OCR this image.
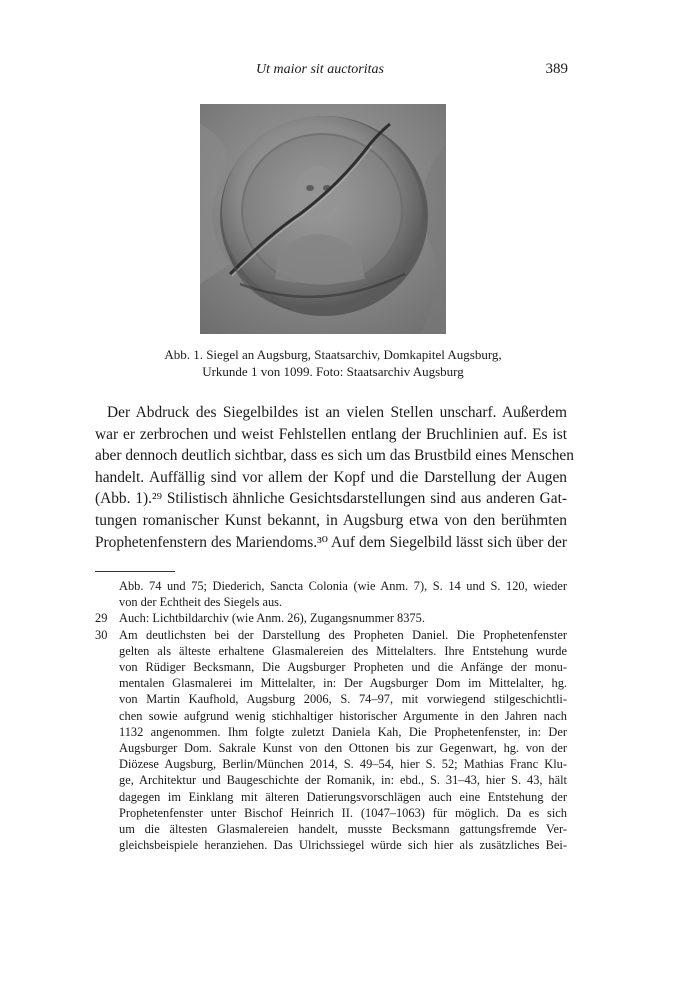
Ut maior sit auctoritas	389
Abb. 1. Siegel an Augsburg, Staatsarchiv, Domkapitel Augsburg,
Urkunde 1 von 1099. Foto: Staatsarchiv Augsburg
Der Abdruck des Siegelbildes ist an vielen Stellen unscharf. Außerdem
war er zerbrochen und weist Fehlstellen entlang der Bruchlinien auf. Es ist
aber dennoch deutlich sichtbar, dass es sich um das Brustbild eines Menschen
handelt. Auffällig sind vor allem der Kopf und die Darstellung der Augen
(Abb. 1).²⁹ Stilistisch ähnliche Gesichtsdarstellungen sind aus anderen Gat-
tungen romanischer Kunst bekannt, in Augsburg etwa von den berühmten
Prophetenfenstern des Mariendoms.³⁰ Auf dem Siegelbild lässt sich über der
Abb. 74 und 75; Diederich, Sancta Colonia (wie Anm. 7), S. 14 und S. 120, wieder
von der Echtheit des Siegels aus.
29 Auch: Lichtbildarchiv (wie Anm. 26), Zugangsnummer 8375.
30 Am deutlichsten bei der Darstellung des Propheten Daniel. Die Prophetenfenster
gelten als älteste erhaltene Glasmalereien des Mittelalters. Ihre Entstehung wurde
von Rüdiger Becksmann, Die Augsburger Propheten und die Anfänge der monu-
mentalen Glasmalerei im Mittelalter, in: Der Augsburger Dom im Mittelalter, hg.
von Martin Kaufhold, Augsburg 2006, S. 74–97, mit vorwiegend stilgeschichtli-
chen sowie aufgrund wenig stichhaltiger historischer Argumente in den Jahren nach
1132 angenommen. Ihm folgte zuletzt Daniela Kah, Die Prophetenfenster, in: Der
Augsburger Dom. Sakrale Kunst von den Ottonen bis zur Gegenwart, hg. von der
Diözese Augsburg, Berlin/München 2014, S. 49–54, hier S. 52; Mathias Franc Klu-
ge, Architektur und Baugeschichte der Romanik, in: ebd., S. 31–43, hier S. 43, hält
dagegen im Einklang mit älteren Datierungsvorschlägen auch eine Entstehung der
Prophetenfenster unter Bischof Heinrich II. (1047–1063) für möglich. Da es sich
um die ältesten Glasmalereien handelt, musste Becksmann gattungsfremde Ver-
gleichsbeispiele heranziehen. Das Ulrichssiegel würde sich hier als zusätzliches Bei-
